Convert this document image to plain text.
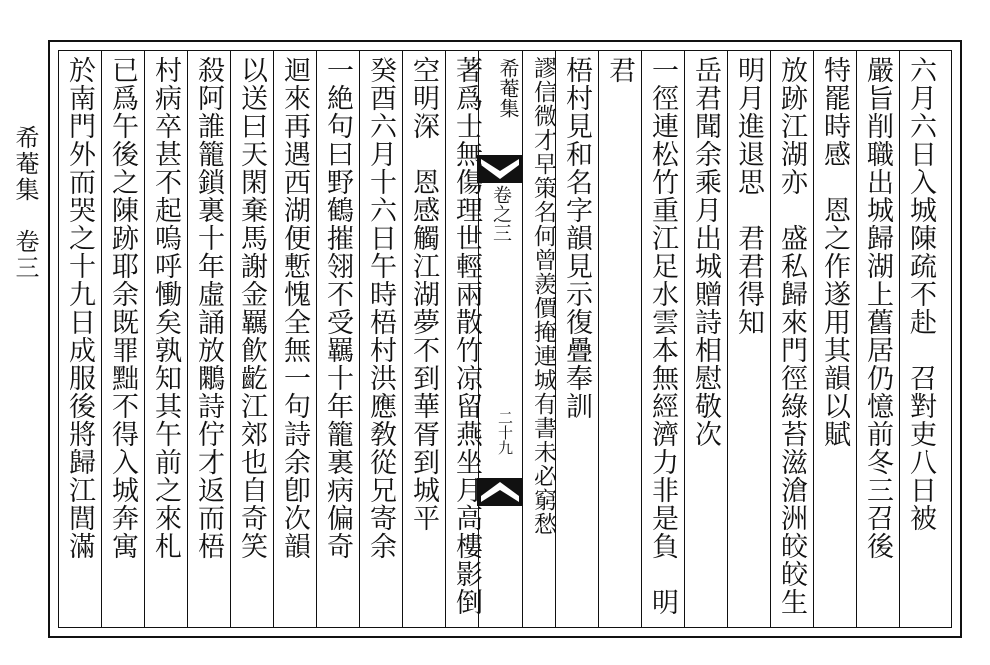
希菴集　卷三
希菴集
卷之三
二十九	六月六日入城陳疏不赴　召對吏八日被
嚴旨削職出城歸湖上舊居仍憶前冬三召後
特罷時感　恩之作遂用其韻以賦
放跡江湖亦　盛私歸來門徑綠苔滋滄洲皎皎生
明月進退思　君君得知
岳君聞余乘月出城贈詩相慰敬次
一徑連松竹重江足水雲本無經濟力非是負　明
君
梧村見和名字韻見示復疊奉訓
謬信微才早策名何曾羨價掩連城有書未必窮愁
著爲士無傷理世輕兩散竹凉留燕坐月高樓影倒
空明深　恩感觸江湖夢不到華胥到城平
癸酉六月十六日午時梧村洪應敎從兄寄余
一絶句曰野鶴摧翎不受羈十年籠裏病偏奇
迴來再遇西湖便慙愧全無一句詩余卽次韻
以送曰天閑棄馬謝金羈飮齕江郊也自奇笑
殺阿誰籠鎖裏十年虛誦放鷴詩佇才返而梧
村病卒甚不起嗚呼慟矣孰知其午前之來札
已爲午後之陳跡耶余既罪黜不得入城奔寓
於南門外而哭之十九日成服後將歸江閭滿
